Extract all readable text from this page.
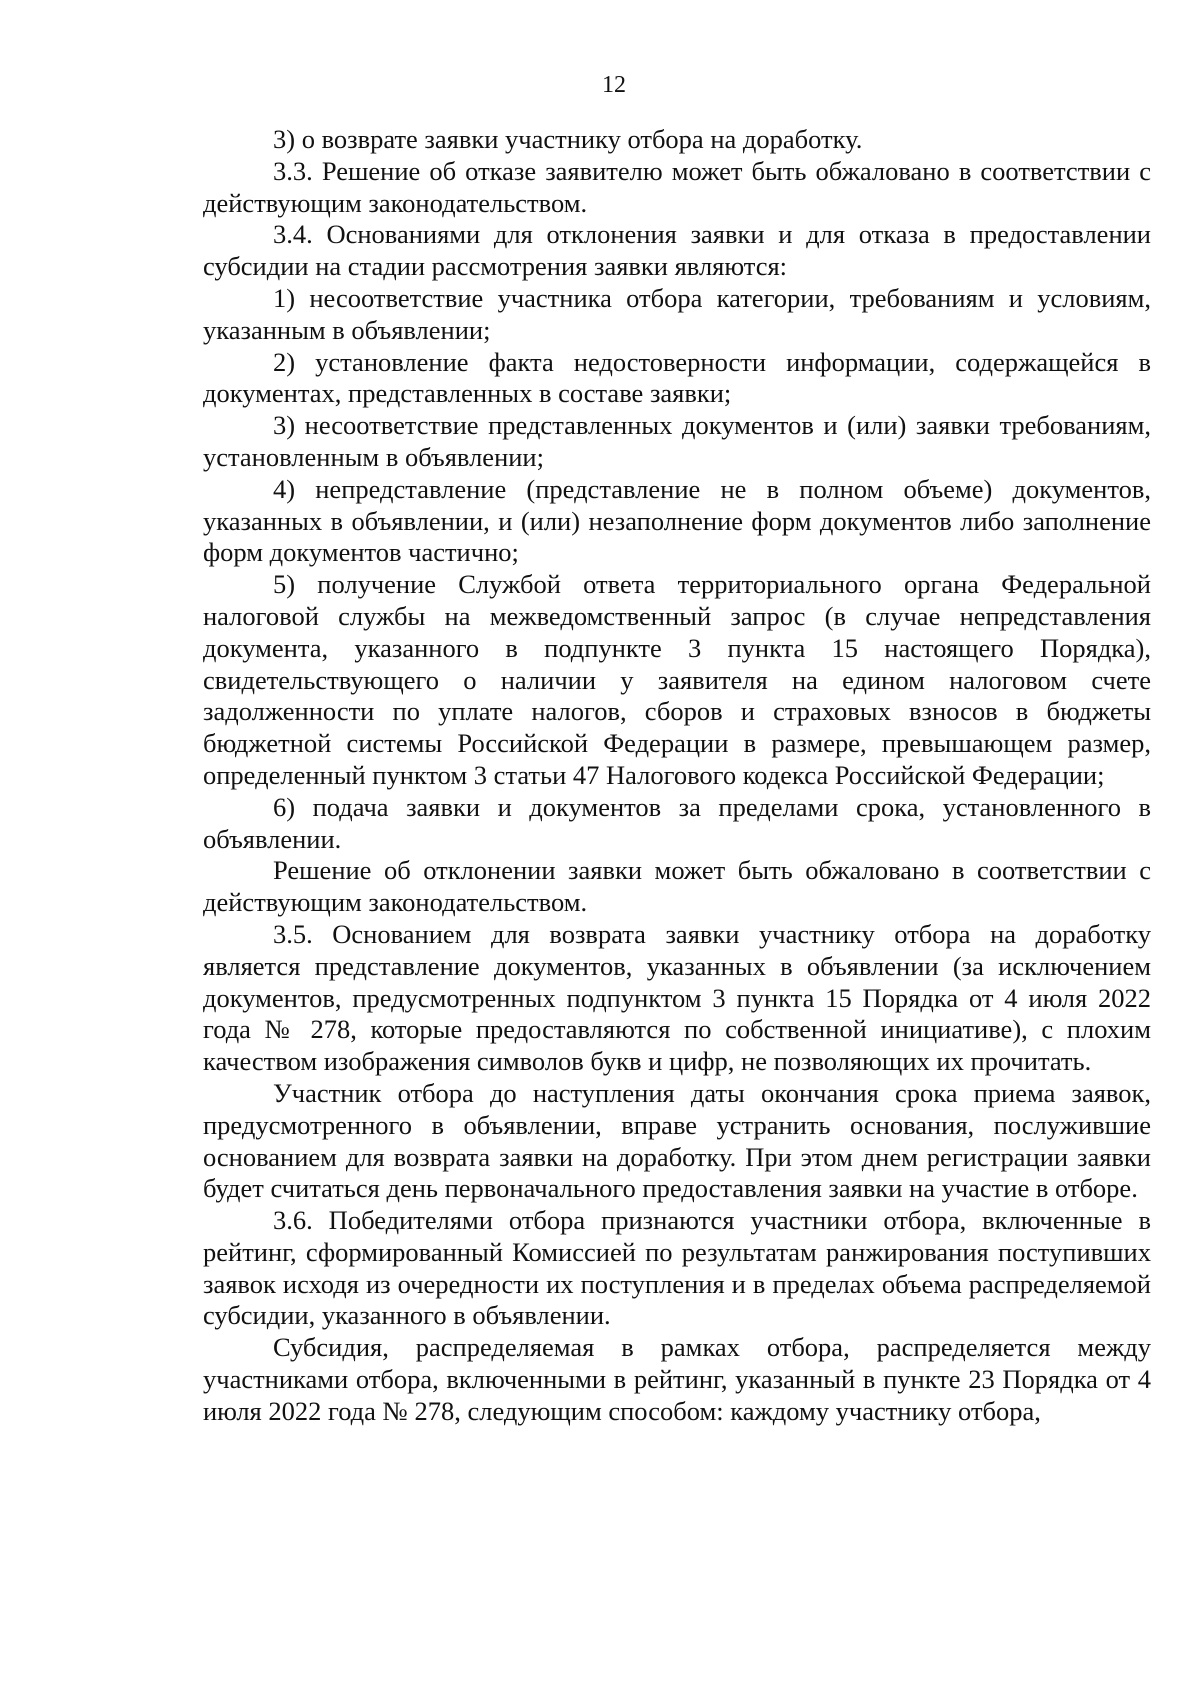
12

3) о возврате заявки участнику отбора на доработку.

3.3. Решение об отказе заявителю может быть обжаловано в соответствии с действующим законодательством.

3.4. Основаниями для отклонения заявки и для отказа в предоставлении субсидии на стадии рассмотрения заявки являются:

1) несоответствие участника отбора категории, требованиям и условиям, указанным в объявлении;

2) установление факта недостоверности информации, содержащейся в документах, представленных в составе заявки;

3) несоответствие представленных документов и (или) заявки требованиям, установленным в объявлении;

4) непредставление (представление не в полном объеме) документов, указанных в объявлении, и (или) незаполнение форм документов либо заполнение форм документов частично;

5) получение Службой ответа территориального органа Федеральной налоговой службы на межведомственный запрос (в случае непредставления документа, указанного в подпункте 3 пункта 15 настоящего Порядка), свидетельствующего о наличии у заявителя на едином налоговом счете задолженности по уплате налогов, сборов и страховых взносов в бюджеты бюджетной системы Российской Федерации в размере, превышающем размер, определенный пунктом 3 статьи 47 Налогового кодекса Российской Федерации;

6) подача заявки и документов за пределами срока, установленного в объявлении.

Решение об отклонении заявки может быть обжаловано в соответствии с действующим законодательством.

3.5. Основанием для возврата заявки участнику отбора на доработку является представление документов, указанных в объявлении (за исключением документов, предусмотренных подпунктом 3 пункта 15 Порядка от 4 июля 2022 года № 278, которые предоставляются по собственной инициативе), с плохим качеством изображения символов букв и цифр, не позволяющих их прочитать.

Участник отбора до наступления даты окончания срока приема заявок, предусмотренного в объявлении, вправе устранить основания, послужившие основанием для возврата заявки на доработку. При этом днем регистрации заявки будет считаться день первоначального предоставления заявки на участие в отборе.

3.6. Победителями отбора признаются участники отбора, включенные в рейтинг, сформированный Комиссией по результатам ранжирования поступивших заявок исходя из очередности их поступления и в пределах объема распределяемой субсидии, указанного в объявлении.

Субсидия, распределяемая в рамках отбора, распределяется между участниками отбора, включенными в рейтинг, указанный в пункте 23 Порядка от 4 июля 2022 года № 278, следующим способом: каждому участнику отбора,
